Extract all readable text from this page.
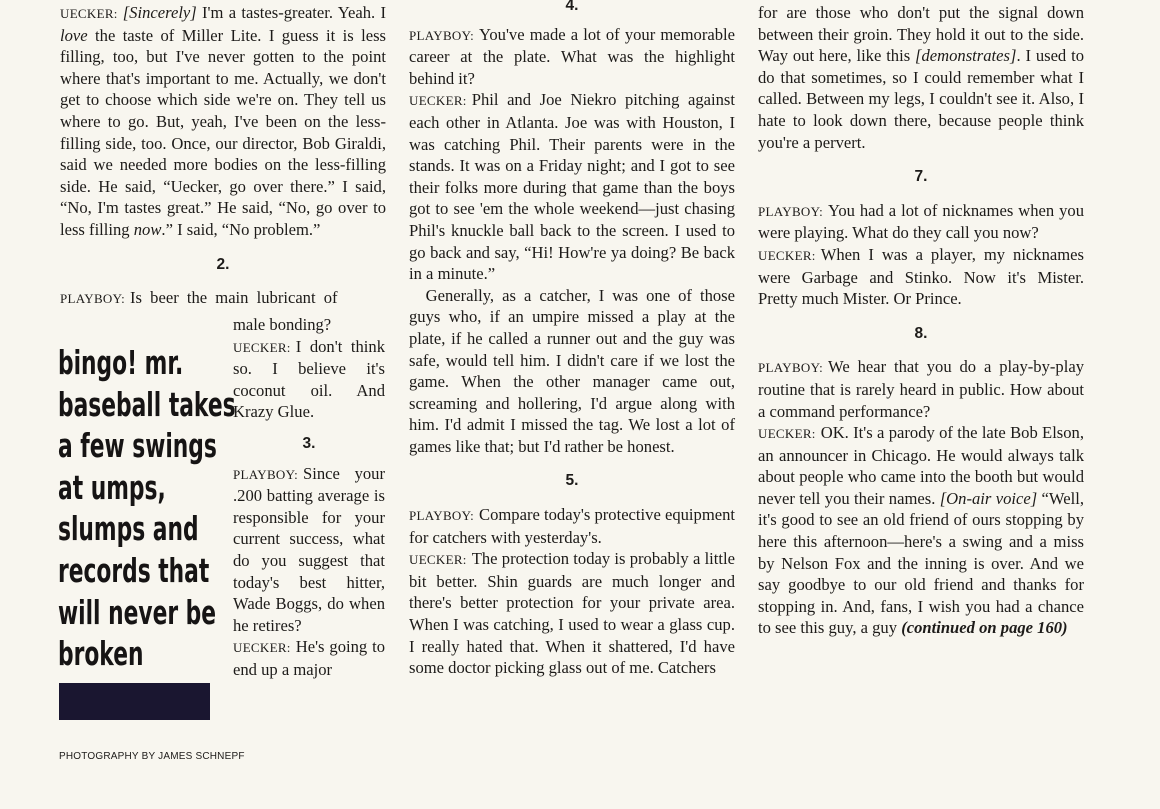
UECKER: [Sincerely] I'm a tastes-greater. Yeah. I love the taste of Miller Lite. I guess it is less filling, too, but I've never gotten to the point where that's important to me. Actually, we don't get to choose which side we're on. They tell us where to go. But, yeah, I've been on the less-filling side, too. Once, our director, Bob Giraldi, said we needed more bodies on the less-filling side. He said, “Uecker, go over there.” I said, “No, I'm tastes great.” He said, “No, go over to less filling now.” I said, “No problem.”

2.

PLAYBOY: Is beer the main lubricant of

male bonding?

UECKER: I don't think so. I believe it's coconut oil. And Krazy Glue.

3.

PLAYBOY: Since your .200 batting average is responsible for your current success, what do you suggest that today's best hitter, Wade Boggs, do when he retires?

UECKER: He's going to end up a major

bingo! mr.
baseball takes
a few swings
at umps,
slumps and
records that
will never be
broken
4.

PLAYBOY: You've made a lot of your memorable career at the plate. What was the highlight behind it?

UECKER: Phil and Joe Niekro pitching against each other in Atlanta. Joe was with Houston, I was catching Phil. Their parents were in the stands. It was on a Friday night; and I got to see their folks more during that game than the boys got to see 'em the whole weekend—just chasing Phil's knuckle ball back to the screen. I used to go back and say, “Hi! How're ya doing? Be back in a minute.”

Generally, as a catcher, I was one of those guys who, if an umpire missed a play at the plate, if he called a runner out and the guy was safe, would tell him. I didn't care if we lost the game. When the other manager came out, screaming and hollering, I'd argue along with him. I'd admit I missed the tag. We lost a lot of games like that; but I'd rather be honest.

5.

PLAYBOY: Compare today's protective equipment for catchers with yesterday's.

UECKER: The protection today is probably a little bit better. Shin guards are much longer and there's better protection for your private area. When I was catching, I used to wear a glass cup. I really hated that. When it shattered, I'd have some doctor picking glass out of me. Catchers

for are those who don't put the signal down between their groin. They hold it out to the side. Way out here, like this [demonstrates]. I used to do that sometimes, so I could remember what I called. Between my legs, I couldn't see it. Also, I hate to look down there, because people think you're a pervert.

7.

PLAYBOY: You had a lot of nicknames when you were playing. What do they call you now?

UECKER: When I was a player, my nicknames were Garbage and Stinko. Now it's Mister. Pretty much Mister. Or Prince.

8.

PLAYBOY: We hear that you do a play-by-play routine that is rarely heard in public. How about a command performance?

UECKER: OK. It's a parody of the late Bob Elson, an announcer in Chicago. He would always talk about people who came into the booth but would never tell you their names. [On-air voice] “Well, it's good to see an old friend of ours stopping by here this afternoon—here's a swing and a miss by Nelson Fox and the inning is over. And we say goodbye to our old friend and thanks for stopping in. And, fans, I wish you had a chance to see this guy, a guy (continued on page 160)

PHOTOGRAPHY BY JAMES SCHNEPF
